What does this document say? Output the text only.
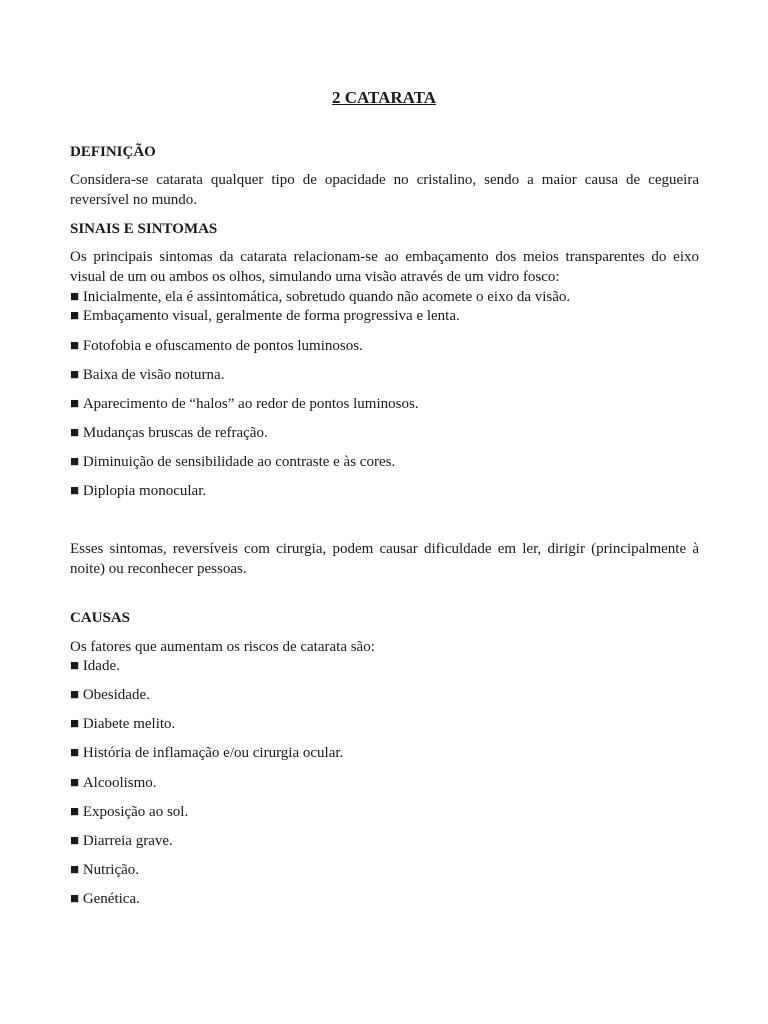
2 CATARATA
DEFINIÇÃO
Considera-se catarata qualquer tipo de opacidade no cristalino, sendo a maior causa de cegueira reversível no mundo.
SINAIS E SINTOMAS
Os principais sintomas da catarata relacionam-se ao embaçamento dos meios transparentes do eixo visual de um ou ambos os olhos, simulando uma visão através de um vidro fosco:
■ Inicialmente, ela é assintomática, sobretudo quando não acomete o eixo da visão.
■ Embaçamento visual, geralmente de forma progressiva e lenta.
■ Fotofobia e ofuscamento de pontos luminosos.
■ Baixa de visão noturna.
■ Aparecimento de “halos” ao redor de pontos luminosos.
■ Mudanças bruscas de refração.
■ Diminuição de sensibilidade ao contraste e às cores.
■ Diplopia monocular.
Esses sintomas, reversíveis com cirurgia, podem causar dificuldade em ler, dirigir (principalmente à noite) ou reconhecer pessoas.
CAUSAS
Os fatores que aumentam os riscos de catarata são:
■ Idade.
■ Obesidade.
■ Diabete melito.
■ História de inflamação e/ou cirurgia ocular.
■ Alcoolismo.
■ Exposição ao sol.
■ Diarreia grave.
■ Nutrição.
■ Genética.
